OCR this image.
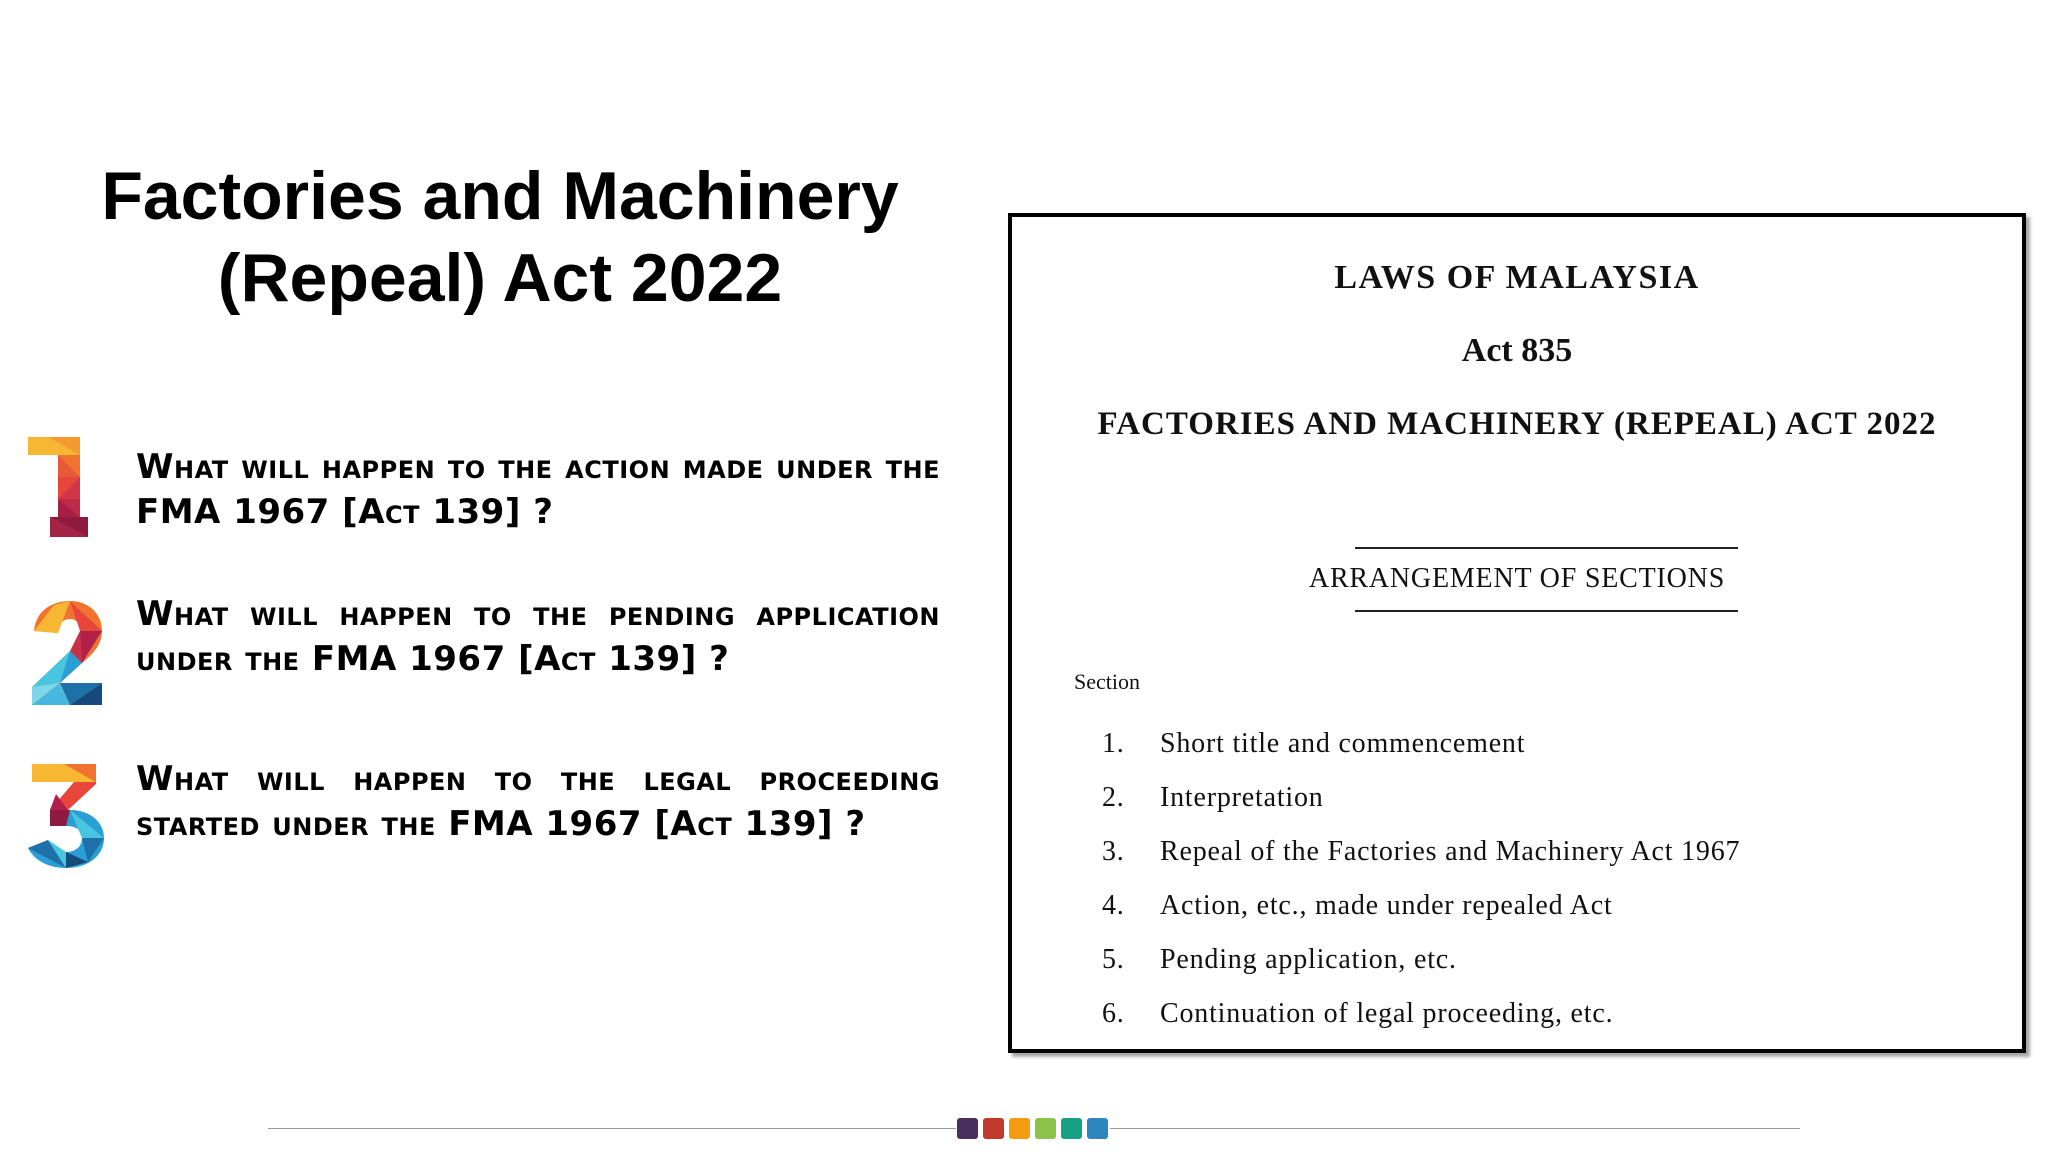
Factories and Machinery
(Repeal) Act 2022
What will happen to the action made under the FMA 1967 [Act 139] ?
What will happen to the pending application under the FMA 1967 [Act 139] ?
What will happen to the legal proceeding started under the FMA 1967 [Act 139] ?
LAWS OF MALAYSIA
Act 835
FACTORIES AND MACHINERY (REPEAL) ACT 2022
ARRANGEMENT OF SECTIONS
Section
1. Short title and commencement
2. Interpretation
3. Repeal of the Factories and Machinery Act 1967
4. Action, etc., made under repealed Act
5. Pending application, etc.
6. Continuation of legal proceeding, etc.
